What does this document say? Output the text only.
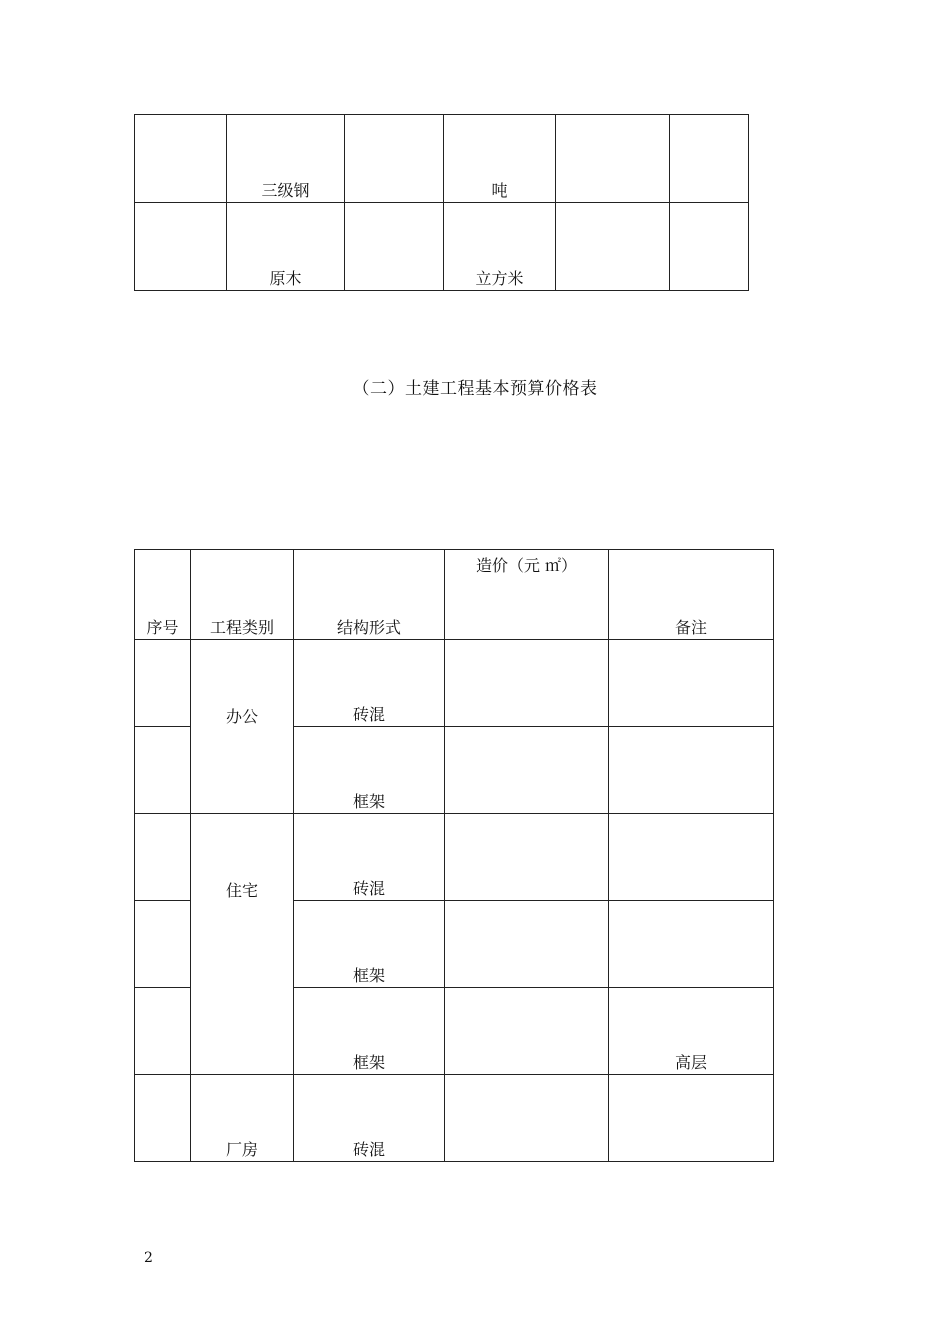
	三级钢		吨		
	原木		立方米		
（二）土建工程基本预算价格表
序号	工程类别	结构形式	造价（元 ㎡）	备注
	办公	砖混		
		框架		
	住宅	砖混		
		框架		
		框架		高层
	厂房	砖混		
2
